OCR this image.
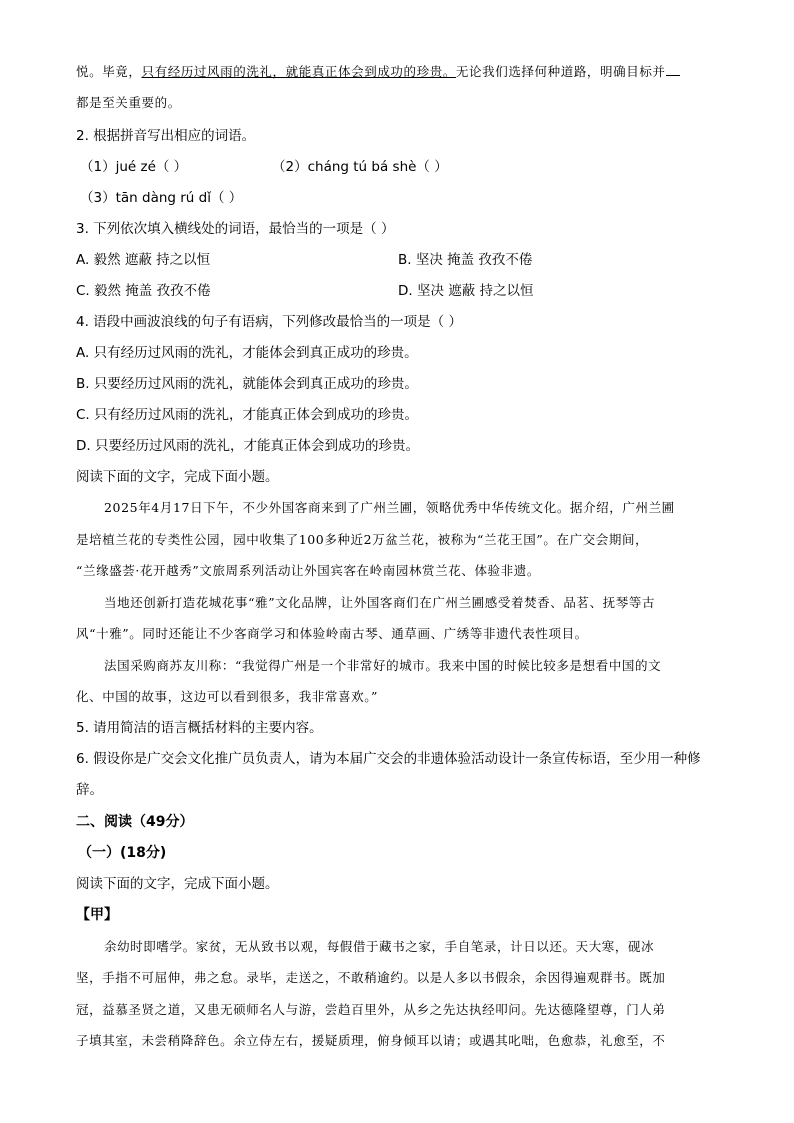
悦。毕竟，只有经历过风雨的洗礼，就能真正体会到成功的珍贵。无论我们选择何种道路，明确目标并
都是至关重要的。
2. 根据拼音写出相应的词语。
（1）jué zé（ ）	（2）cháng tú bá shè（ ）
（3）tān dàng rú dǐ（ ）
3. 下列依次填入横线处的词语，最恰当的一项是（ ）
A. 毅然 遮蔽 持之以恒	B. 坚决 掩盖 孜孜不倦
C. 毅然 掩盖 孜孜不倦	D. 坚决 遮蔽 持之以恒
4. 语段中画波浪线的句子有语病，下列修改最恰当的一项是（ ）
A. 只有经历过风雨的洗礼，才能体会到真正成功的珍贵。
B. 只要经历过风雨的洗礼，就能体会到真正成功的珍贵。
C. 只有经历过风雨的洗礼，才能真正体会到成功的珍贵。
D. 只要经历过风雨的洗礼，才能真正体会到成功的珍贵。
阅读下面的文字，完成下面小题。
2025年4月17日下午，不少外国客商来到了广州兰圃，领略优秀中华传统文化。据介绍，广州兰圃
是培植兰花的专类性公园，园中收集了100多种近2万盆兰花，被称为“兰花王国”。在广交会期间，
“兰缘盛荟·花开越秀”文旅周系列活动让外国宾客在岭南园林赏兰花、体验非遗。
当地还创新打造花城花事“雅”文化品牌，让外国客商们在广州兰圃感受着焚香、品茗、抚琴等古
风“十雅”。同时还能让不少客商学习和体验岭南古琴、通草画、广绣等非遗代表性项目。
法国采购商苏友川称：“我觉得广州是一个非常好的城市。我来中国的时候比较多是想看中国的文
化、中国的故事，这边可以看到很多，我非常喜欢。”
5. 请用简洁的语言概括材料的主要内容。
6. 假设你是广交会文化推广员负责人，请为本届广交会的非遗体验活动设计一条宣传标语，至少用一种修
辞。
二、阅读（49分）
（一）(18分)
阅读下面的文字，完成下面小题。
【甲】
余幼时即嗜学。家贫，无从致书以观，每假借于藏书之家，手自笔录，计日以还。天大寒，砚冰
坚，手指不可屈伸，弗之怠。录毕，走送之，不敢稍逾约。以是人多以书假余，余因得遍观群书。既加
冠，益慕圣贤之道，又患无硕师名人与游，尝趋百里外，从乡之先达执经叩问。先达德隆望尊，门人弟
子填其室，未尝稍降辞色。余立侍左右，援疑质理，俯身倾耳以请；或遇其叱咄，色愈恭，礼愈至，不
